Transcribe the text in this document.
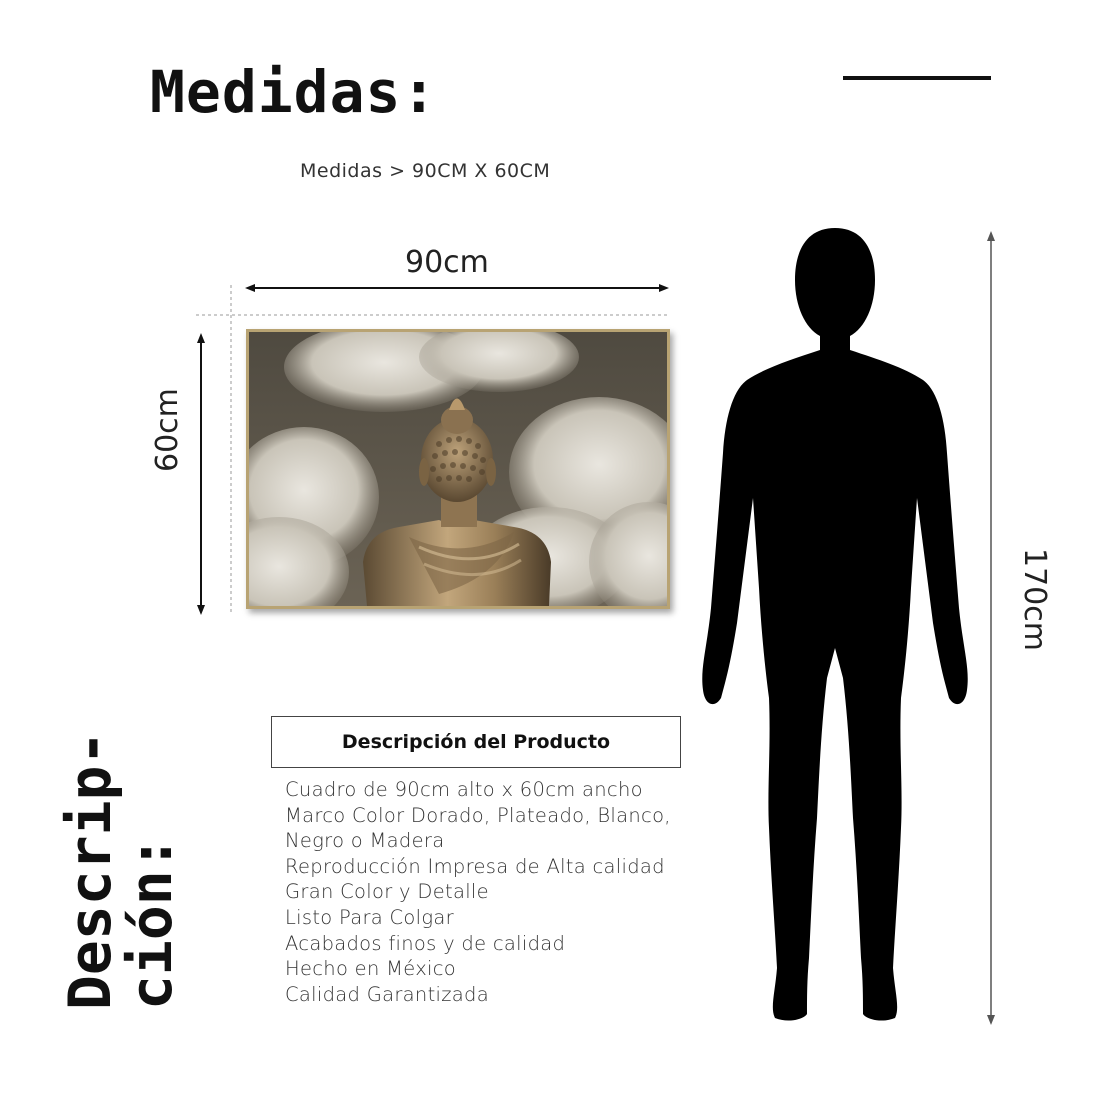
Medidas:
Medidas > 90CM X 60CM
90cm
60cm
170cm
Descrip-
ción:
Descripción del Producto
Cuadro de 90cm alto x 60cm ancho
Marco Color Dorado, Plateado, Blanco,
Negro o Madera
Reproducción Impresa de Alta calidad
Gran Color y Detalle
Listo Para Colgar
Acabados finos y de calidad
Hecho en México
Calidad Garantizada
